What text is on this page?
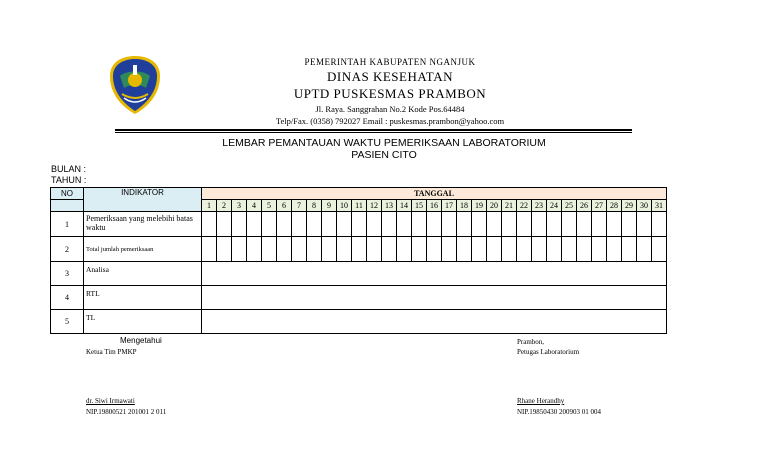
PEMERINTAH KABUPATEN NGANJUK
DINAS KESEHATAN
UPTD PUSKESMAS PRAMBON
Jl. Raya. Sanggrahan No.2 Kode Pos.64484
Telp/Fax. (0358) 792027 Email : puskesmas.prambon@yahoo.com
LEMBAR PEMANTAUAN WAKTU PEMERIKSAAN LABORATORIUM
PASIEN CITO
BULAN :
TAHUN :
NO	INDIKATOR	TANGGAL																														
		1	2	3	4	5	6	7	8	9	10	11	12	13	14	15	16	17	18	19	20	21	22	23	24	25	26	27	28	29	30	31
1	Pemeriksaan yang melebihi batas waktu																															
2	Total jumlah pemeriksaan																															
3	Analisa																															
4	RTL																															
5	TL																															
Mengetahui
Ketua Tim PMKP
dr. Siwi Irmawati
NIP.19800521 201001 2 011
Prambon,
Petugas Laboratorium
Rhane Herandhy
NIP.19850430 200903 01 004
